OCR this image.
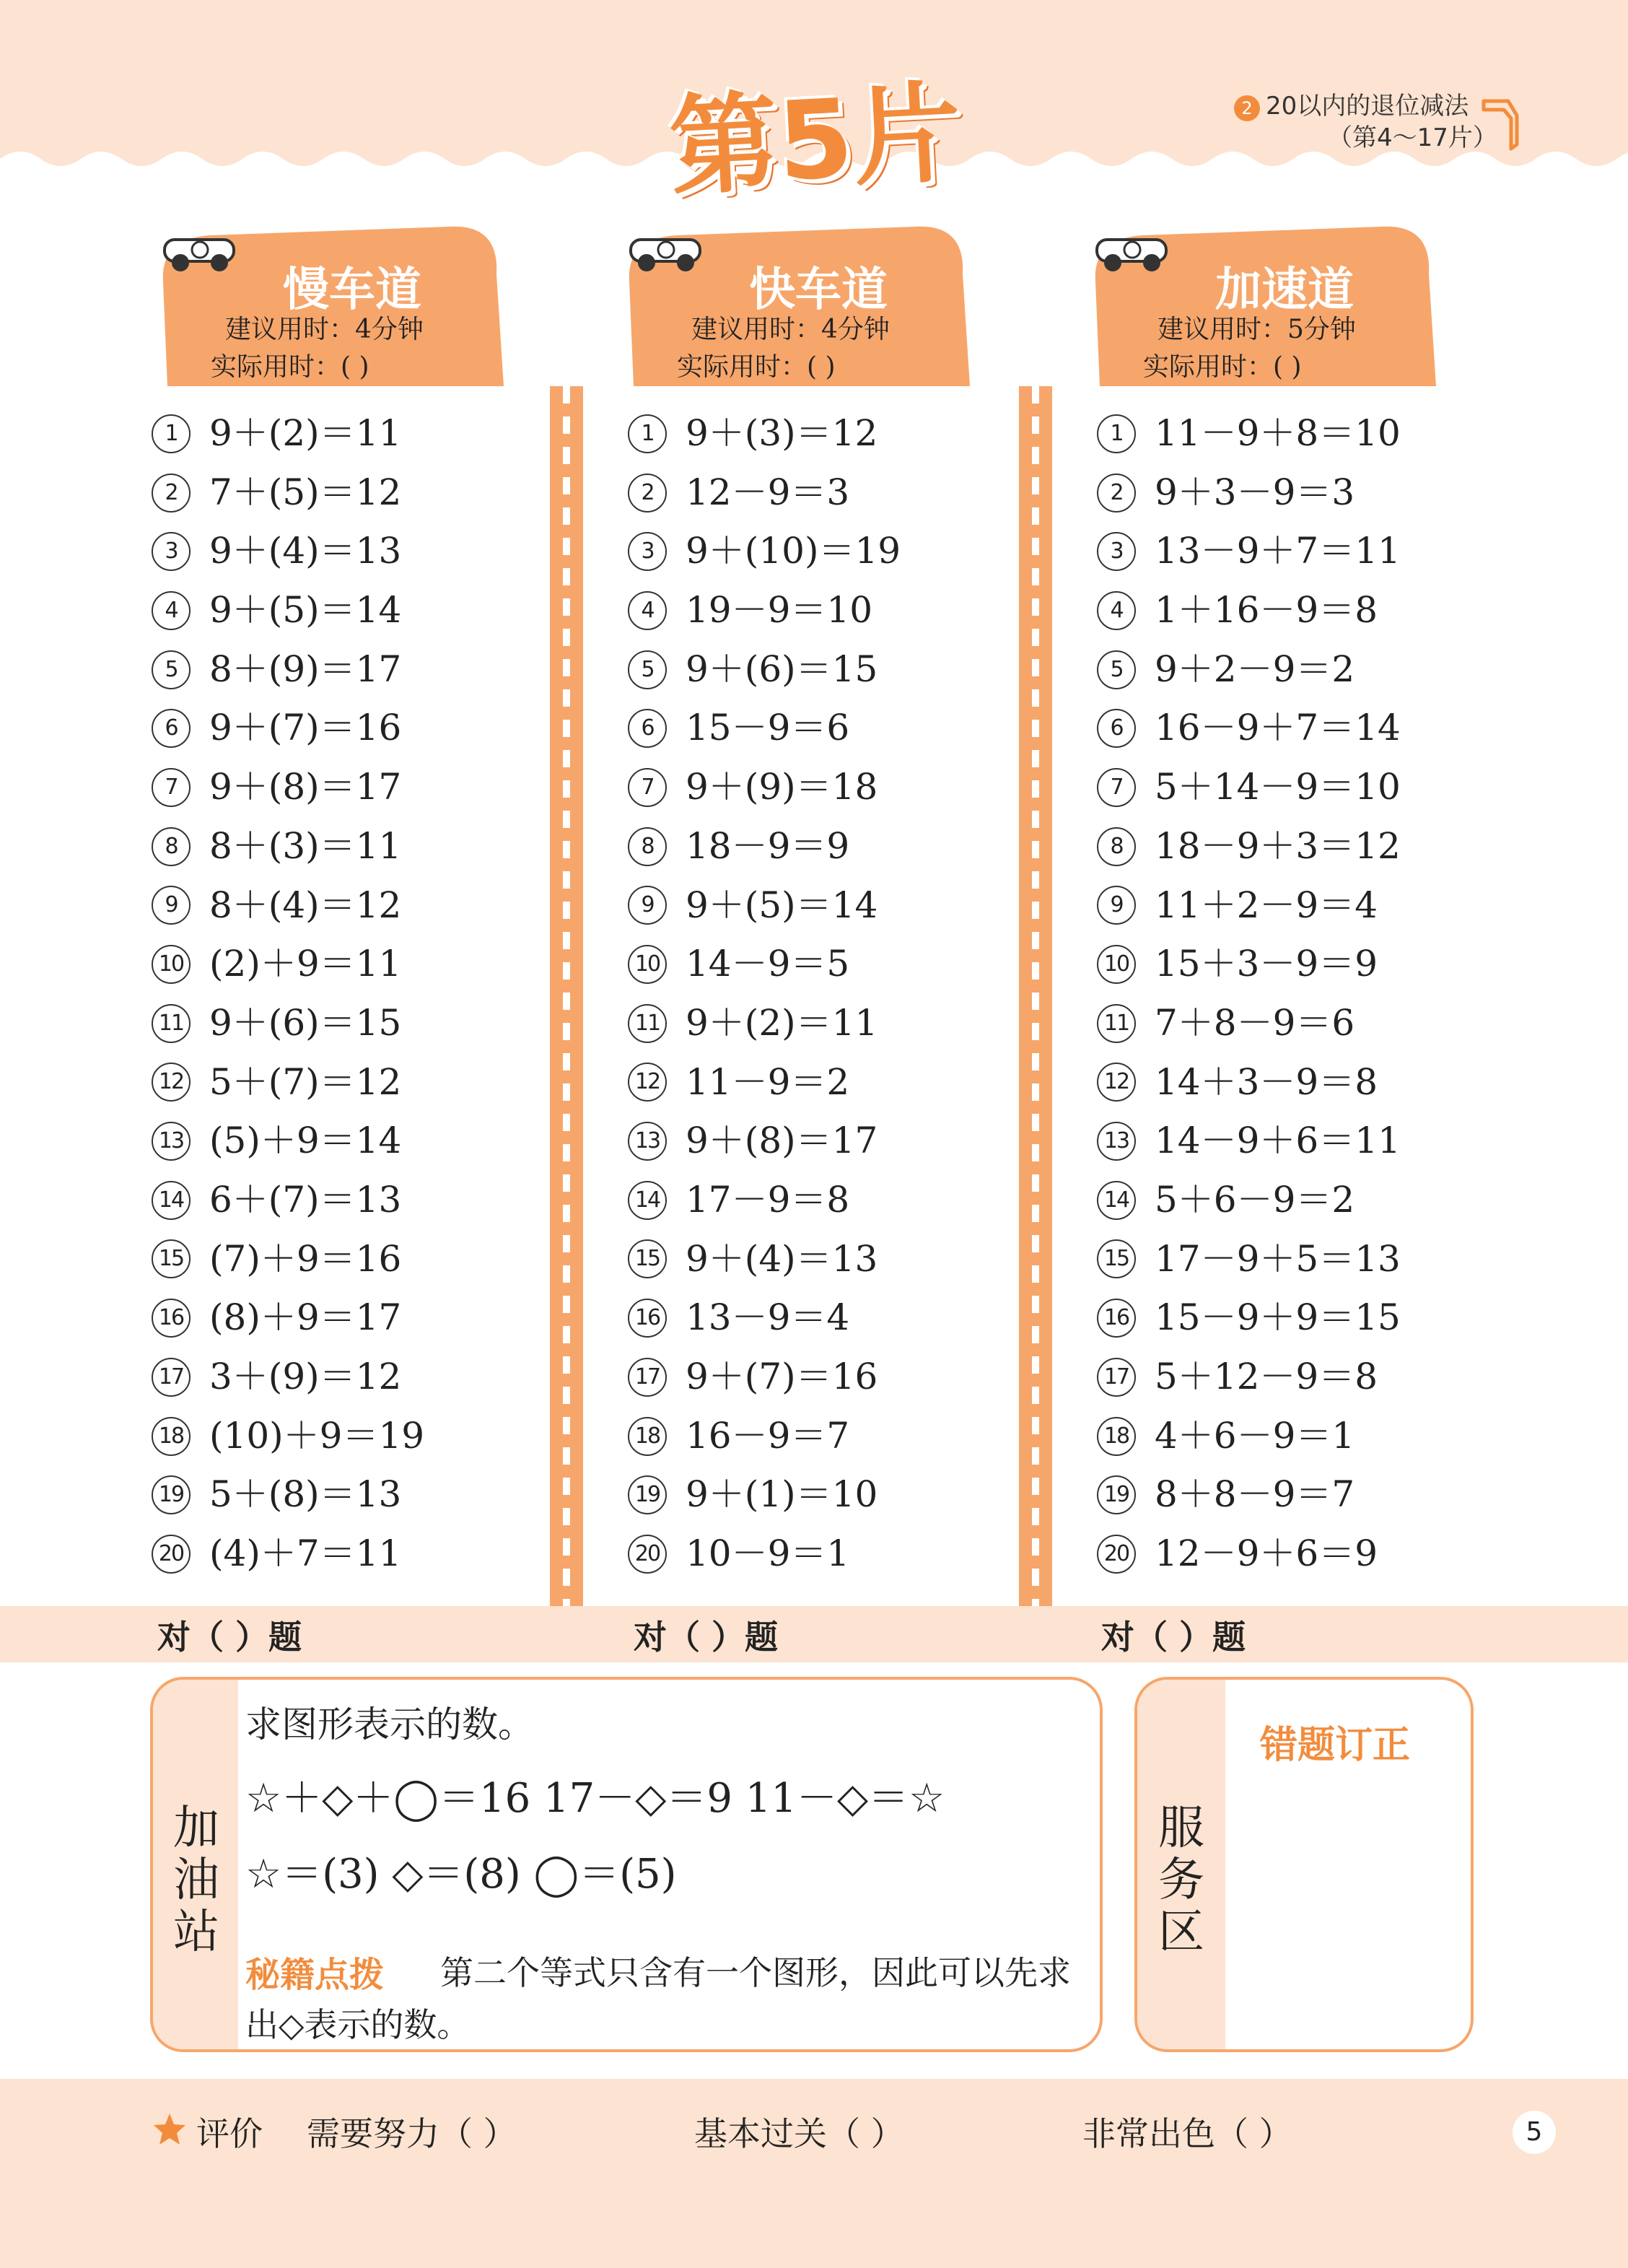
第5片	2 20以内的退位减法
（第4～17片）
慢车道
建议用时：4分钟
实际用时：( )
快车道
建议用时：4分钟
实际用时：( )
加速道
建议用时：5分钟
实际用时：( )
1 9＋(2)＝11
2 7＋(5)＝12
3 9＋(4)＝13
4 9＋(5)＝14
5 8＋(9)＝17
6 9＋(7)＝16
7 9＋(8)＝17
8 8＋(3)＝11
9 8＋(4)＝12
10 (2)＋9＝11
11 9＋(6)＝15
12 5＋(7)＝12
13 (5)＋9＝14
14 6＋(7)＝13
15 (7)＋9＝16
16 (8)＋9＝17
17 3＋(9)＝12
18 (10)＋9＝19
19 5＋(8)＝13
20 (4)＋7＝11
1 9＋(3)＝12
2 12－9＝3
3 9＋(10)＝19
4 19－9＝10
5 9＋(6)＝15
6 15－9＝6
7 9＋(9)＝18
8 18－9＝9
9 9＋(5)＝14
10 14－9＝5
11 9＋(2)＝11
12 11－9＝2
13 9＋(8)＝17
14 17－9＝8
15 9＋(4)＝13
16 13－9＝4
17 9＋(7)＝16
18 16－9＝7
19 9＋(1)＝10
20 10－9＝1
1 11－9＋8＝10
2 9＋3－9＝3
3 13－9＋7＝11
4 1＋16－9＝8
5 9＋2－9＝2
6 16－9＋7＝14
7 5＋14－9＝10
8 18－9＋3＝12
9 11＋2－9＝4
10 15＋3－9＝9
11 7＋8－9＝6
12 14＋3－9＝8
13 14－9＋6＝11
14 5＋6－9＝2
15 17－9＋5＝13
16 15－9＋9＝15
17 5＋12－9＝8
18 4＋6－9＝1
19 8＋8－9＝7
20 12－9＋6＝9
对（ ）题	对（ ）题	对（ ）题
加油站
求图形表示的数。
☆＋◇＋◯＝16 17－◇＝9 11－◇＝☆
☆＝(3) ◇＝(8) ◯＝(5)
第二个等式只含有一个图形，因此可以先求出◇表示的数。
秘籍点拨
服务区
错题订正
评价 需要努力（ ）	基本过关（ ）	非常出色（ ）	5
